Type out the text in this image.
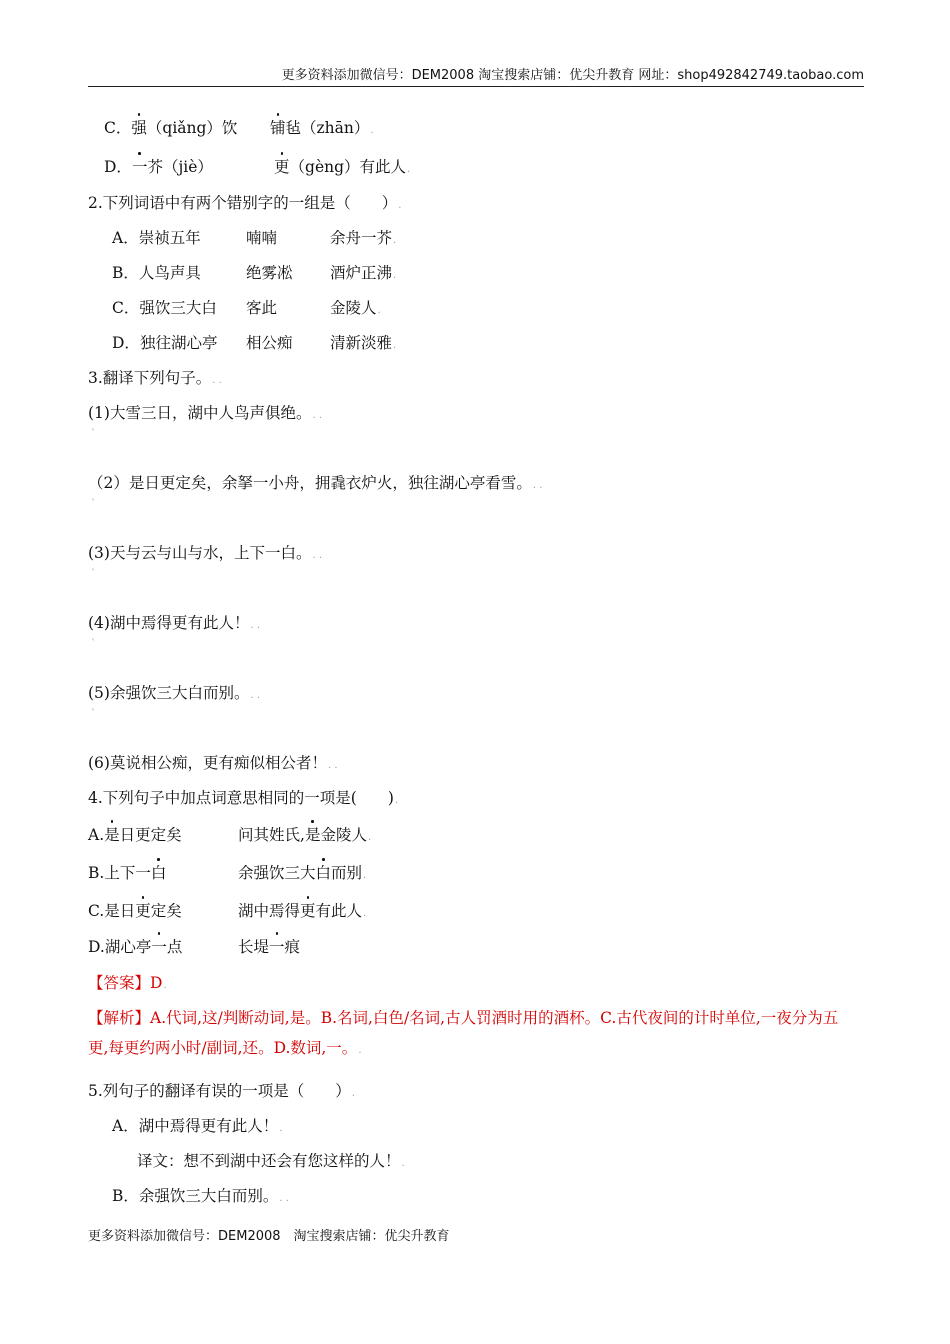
更多资料添加微信号：DEM2008 淘宝搜索店铺：优尖升教育 网址：shop492842749.taobao.com
C．强（qiǎng）饮 铺毡（zhān）.
D．一芥（jiè）	更（gèng）有此人.
2.下列词语中有两个错别字的一组是（　　）.
A．崇祯五年	喃喃	余舟一芥.
B．人鸟声具	绝雾凇 酒炉正沸.
C．强饮三大白 客此	金陵人.
D．独往湖心亭 相公痴 清新淡雅.
3.翻译下列句子。. .
(1)大雪三日，湖中人鸟声俱绝。. .
ˋ
（2）是日更定矣，余拏一小舟，拥毳衣炉火，独往湖心亭看雪。. .
ˋ
(3)天与云与山与水，上下一白。. .
ˋ
(4)湖中焉得更有此人！. .
ˋ
(5)余强饮三大白而别。. .
ˋ
(6)莫说相公痴，更有痴似相公者！. .
4.下列句子中加点词意思相同的一项是(　　).
A.是日更定矣	问其姓氏,是金陵人.
B.上下一白	余强饮三大白而别.
C.是日更定矣	湖中焉得更有此人.
D.湖心亭一点	长堤一痕
【答案】D.
【解析】A.代词,这/判断动词,是。B.名词,白色/名词,古人罚酒时用的酒杯。C.古代夜间的计时单位,一夜分为五更,每更约两小时/副词,还。D.数词,一。.
5.列句子的翻译有误的一项是（　　）.
A．湖中焉得更有此人！.
译文：想不到湖中还会有您这样的人！.
B．余强饮三大白而别。. .
更多资料添加微信号：DEM2008　淘宝搜索店铺：优尖升教育
